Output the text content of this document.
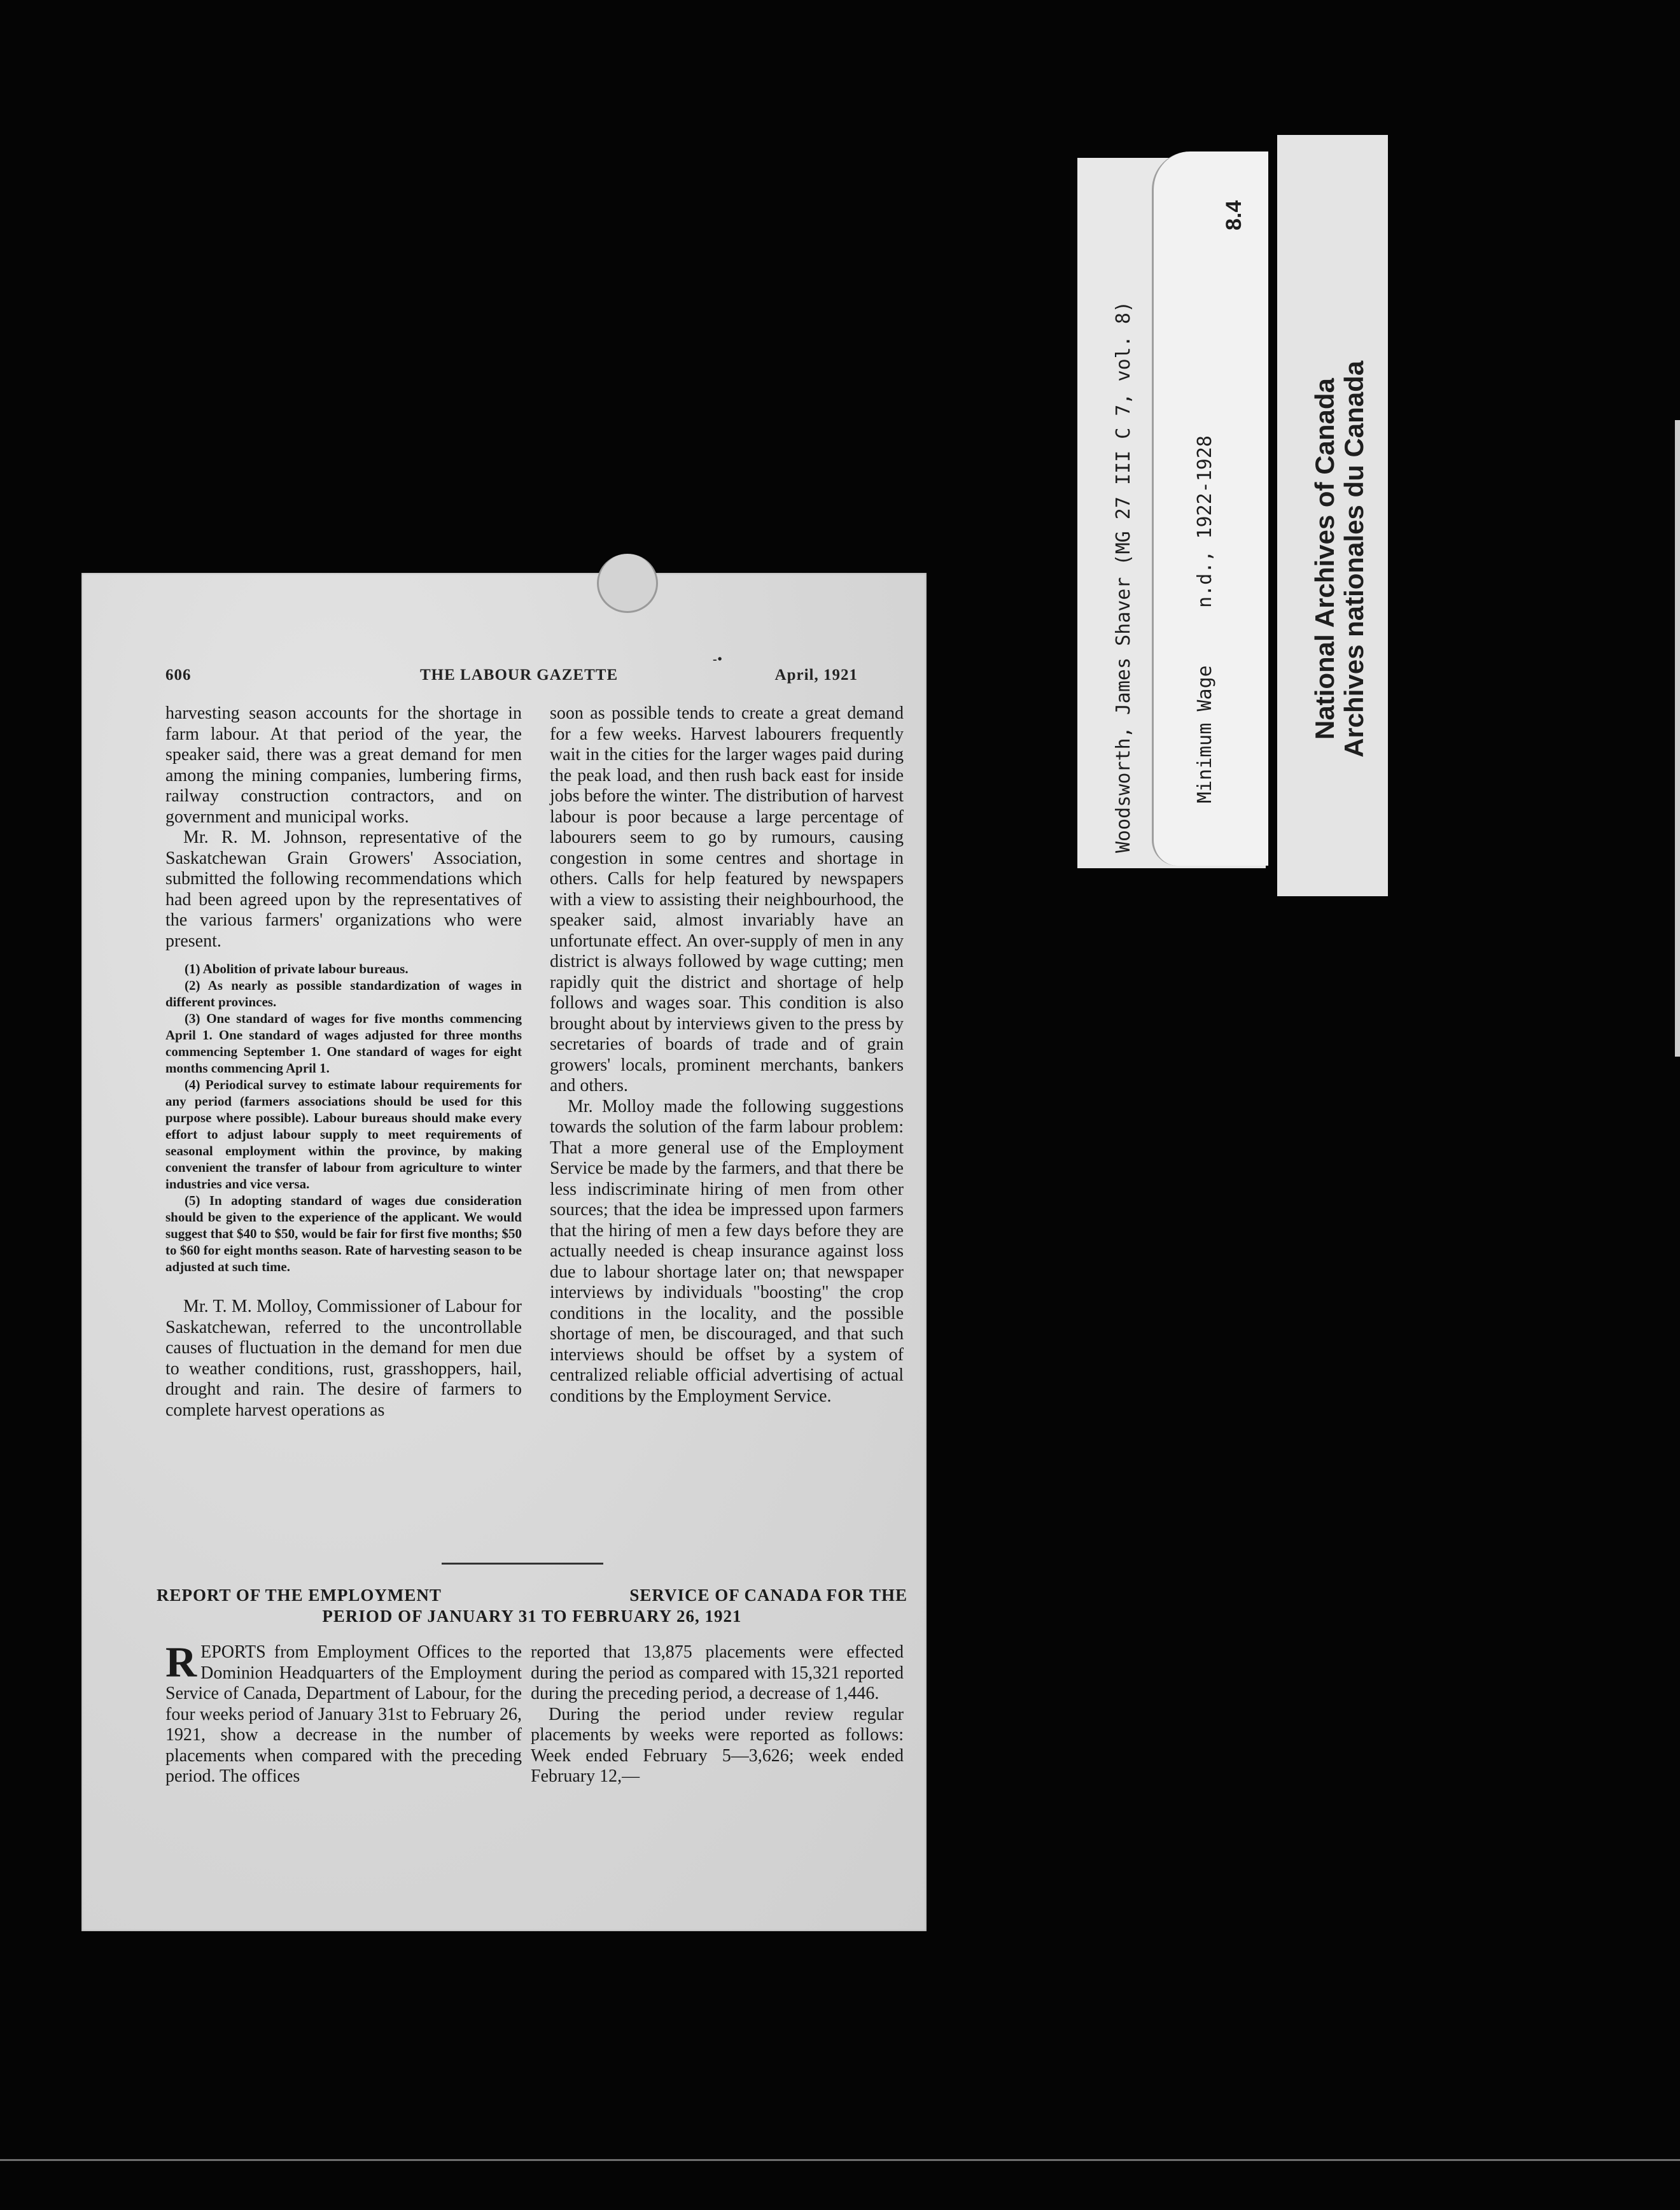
606	THE LABOUR GAZETTE
-•
April, 1921

harvesting season accounts for the shortage in farm labour. At that period of the year, the speaker said, there was a great demand for men among the mining companies, lumbering firms, railway construction contractors, and on government and municipal works.

Mr. R. M. Johnson, representative of the Saskatchewan Grain Growers' Association, submitted the following recommendations which had been agreed upon by the representatives of the various farmers' organizations who were present.

(1) Abolition of private labour bureaus.
(2) As nearly as possible standardization of wages in different provinces.
(3) One standard of wages for five months commencing April 1. One standard of wages adjusted for three months commencing September 1. One standard of wages for eight months commencing April 1.
(4) Periodical survey to estimate labour requirements for any period (farmers associations should be used for this purpose where possible). Labour bureaus should make every effort to adjust labour supply to meet requirements of seasonal employment within the province, by making convenient the transfer of labour from agriculture to winter industries and vice versa.
(5) In adopting standard of wages due consideration should be given to the experience of the applicant. We would suggest that $40 to $50, would be fair for first five months; $50 to $60 for eight months season. Rate of harvesting season to be adjusted at such time.

Mr. T. M. Molloy, Commissioner of Labour for Saskatchewan, referred to the uncontrollable causes of fluctuation in the demand for men due to weather conditions, rust, grasshoppers, hail, drought and rain. The desire of farmers to complete harvest operations as

soon as possible tends to create a great demand for a few weeks. Harvest labourers frequently wait in the cities for the larger wages paid during the peak load, and then rush back east for inside jobs before the winter. The distribution of harvest labour is poor because a large percentage of labourers seem to go by rumours, causing congestion in some centres and shortage in others. Calls for help featured by newspapers with a view to assisting their neighbourhood, the speaker said, almost invariably have an unfortunate effect. An over-supply of men in any district is always followed by wage cutting; men rapidly quit the district and shortage of help follows and wages soar. This condition is also brought about by interviews given to the press by secretaries of boards of trade and of grain growers' locals, prominent merchants, bankers and others.

Mr. Molloy made the following suggestions towards the solution of the farm labour problem: That a more general use of the Employment Service be made by the farmers, and that there be less indiscriminate hiring of men from other sources; that the idea be impressed upon farmers that the hiring of men a few days before they are actually needed is cheap insurance against loss due to labour shortage later on; that newspaper interviews by individuals "boosting" the crop conditions in the locality, and the possible shortage of men, be discouraged, and that such interviews should be offset by a system of centralized reliable official advertising of actual conditions by the Employment Service.

REPORT OF THE EMPLOYMENT	SERVICE OF CANADA FOR THE
PERIOD OF JANUARY 31 TO FEBRUARY 26, 1921
R EPORTS from Employment Offices to the Dominion Headquarters of the Employment Service of Canada, Department of Labour, for the four weeks period of January 31st to February 26, 1921, show a decrease in the number of placements when compared with the preceding period. The offices

reported that 13,875 placements were effected during the period as compared with 15,321 reported during the preceding period, a decrease of 1,446.

During the period under review regular placements by weeks were reported as follows: Week ended February 5—3,626; week ended February 12,—

Woodsworth, James Shaver (MG 27 III C 7, vol. 8)	Minimum Wage     n.d., 1922-1928
8.4
National Archives of Canada Archives nationales du Canada
